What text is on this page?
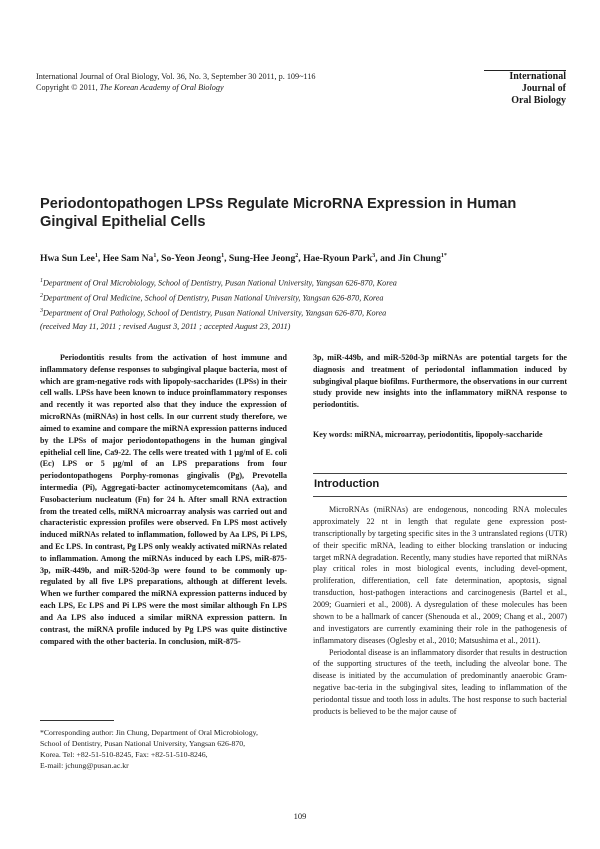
International Journal of Oral Biology, Vol. 36, No. 3, September 30 2011, p. 109~116
Copyright © 2011, The Korean Academy of Oral Biology
International
Journal of
Oral Biology
Periodontopathogen LPSs Regulate MicroRNA Expression in Human Gingival Epithelial Cells
Hwa Sun Lee$^1$, Hee Sam Na$^1$, So-Yeon Jeong$^1$, Sung-Hee Jeong$^2$, Hae-Ryoun Park$^3$, and Jin Chung$^{1*}$
$^1$Department of Oral Microbiology, School of Dentistry, Pusan National University, Yangsan 626-870, Korea
$^2$Department of Oral Medicine, School of Dentistry, Pusan National University, Yangsan 626-870, Korea
$^3$Department of Oral Pathology, School of Dentistry, Pusan National University, Yangsan 626-870, Korea
(received May 11, 2011 ; revised August 3, 2011 ; accepted August 23, 2011)

Periodontitis results from the activation of host immune and inflammatory defense responses to subgingival plaque bacteria, most of which are gram-negative rods with lipopoly-saccharides (LPSs) in their cell walls. LPSs have been known to induce proinflammatory responses and recently it was reported also that they induce the expression of microRNAs (miRNAs) in host cells. In our current study therefore, we aimed to examine and compare the miRNA expression patterns induced by the LPSs of major periodontopathogens in the human gingival epithelial cell line, Ca9-22. The cells were treated with 1 µg/ml of E. coli (Ec) LPS or 5 µg/ml of an LPS preparations from four periodontopathogens Porphy-romonas gingivalis (Pg), Prevotella intermedia (Pi), Aggregati-bacter actinomycetemcomitans (Aa), and Fusobacterium nucleatum (Fn) for 24 h. After small RNA extraction from the treated cells, miRNA microarray analysis was carried out and characteristic expression profiles were observed. Fn LPS most actively induced miRNAs related to inflammation, followed by Aa LPS, Pi LPS, and Ec LPS. In contrast, Pg LPS only weakly activated miRNAs related to inflammation. Among the miRNAs induced by each LPS, miR-875-3p, miR-449b, and miR-520d-3p were found to be commonly up-regulated by all five LPS preparations, although at different levels. When we further compared the miRNA expression patterns induced by each LPS, Ec LPS and Pi LPS were the most similar although Fn LPS and Aa LPS also induced a similar miRNA expression pattern. In contrast, the miRNA profile induced by Pg LPS was quite distinctive compared with the other bacteria. In conclusion, miR-875-

3p, miR-449b, and miR-520d-3p miRNAs are potential targets for the diagnosis and treatment of periodontal inflammation induced by subgingival plaque biofilms. Furthermore, the observations in our current study provide new insights into the inflammatory miRNA response to periodontitis.

Key words: miRNA, microarray, periodontitis, lipopoly-saccharide
Introduction

MicroRNAs (miRNAs) are endogenous, noncoding RNA molecules approximately 22 nt in length that regulate gene expression post-transcriptionally by targeting specific sites in the 3 untranslated regions (UTR) of their specific mRNA, leading to either blocking translation or inducing target mRNA degradation. Recently, many studies have reported that miRNAs play critical roles in most biological events, including devel-opment, proliferation, differentiation, cell fate determination, apoptosis, signal transduction, host-pathogen interactions and carcinogenesis (Bartel et al., 2009; Guarnieri et al., 2008). A dysregulation of these molecules has been shown to be a hallmark of cancer (Shenouda et al., 2009; Chang et al., 2007) and investigators are currently examining their role in the pathogenesis of inflammatory diseases (Oglesby et al., 2010; Matsushima et al., 2011).

Periodontal disease is an inflammatory disorder that results in destruction of the supporting structures of the teeth, including the alveolar bone. The disease is initiated by the accumulation of predominantly anaerobic Gram-negative bac-teria in the subgingival sites, leading to inflammation of the periodontal tissue and tooth loss in adults. The host response to such bacterial products is believed to be the major cause of

*Corresponding author: Jin Chung, Department of Oral Microbiology,
School of Dentistry, Pusan National University, Yangsan 626-870,
Korea. Tel: +82-51-510-8245, Fax: +82-51-510-8246,
E-mail: jchung@pusan.ac.kr
109
